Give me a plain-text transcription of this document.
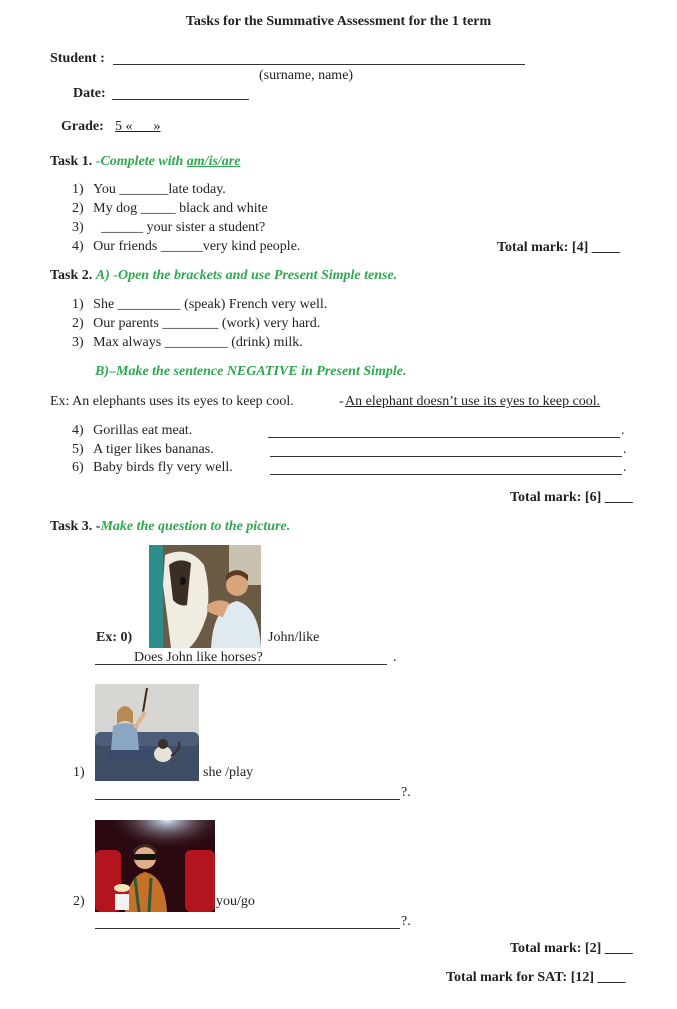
Tasks for the Summative Assessment for the 1 term
Student :
(surname, name)
Date:
Grade: 5 «      »
Task 1. -Complete with am/is/are
1) You _______late today.
2) My dog _____ black and white
3) ______ your sister a student?
4) Our friends ______very kind people.	Total mark: [4] ____
Task 2. A) -Open the brackets and use Present Simple tense.
1) She _________ (speak) French very well.
2) Our parents ________ (work) very hard.
3) Max always _________ (drink) milk.
B)–Make the sentence NEGATIVE in Present Simple.
Ex: An elephants uses its eyes to keep cool.	- An elephant doesn’t use its eyes to keep cool.
4) Gorillas eat meat.	.
5) A tiger likes bananas.	.
6) Baby birds fly very well.	.
Total mark: [6] ____
Task 3. -Make the question to the picture.
Ex: 0)	John/like
Does John like horses?	.
1)	she /play
?.
2)	you/go
?.
Total mark: [2] ____
Total mark for SAT: [12] ____
